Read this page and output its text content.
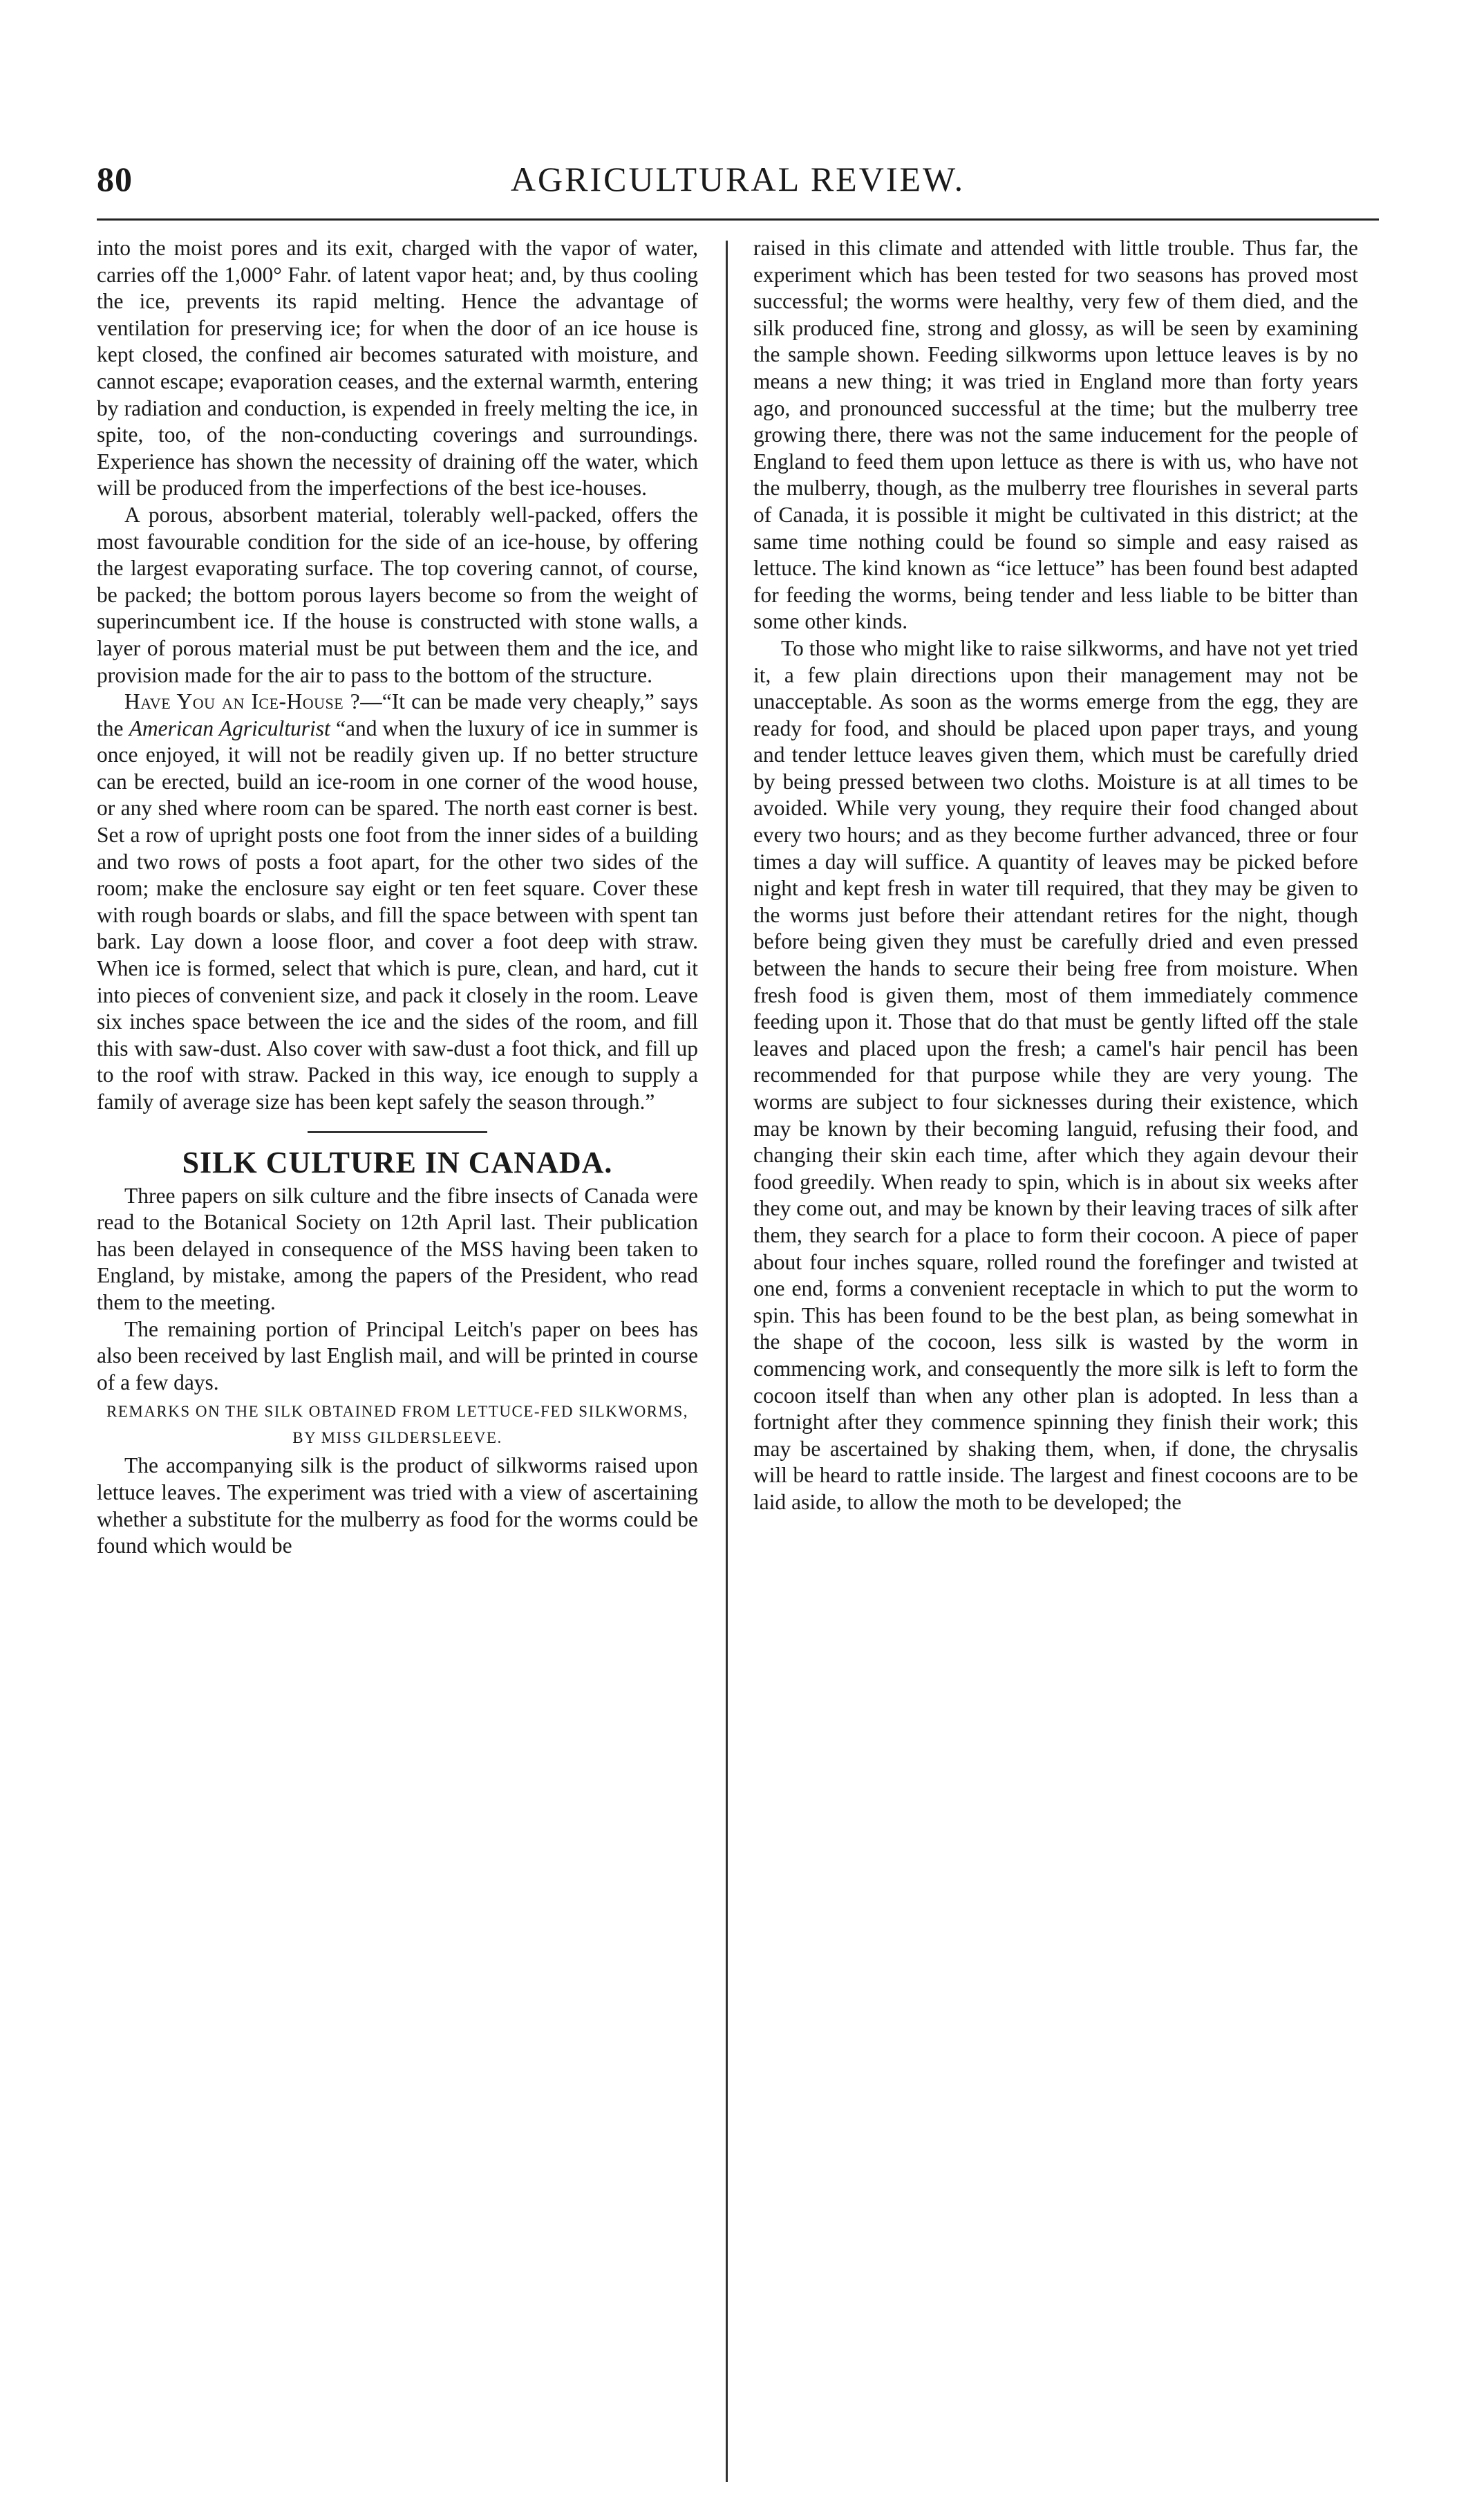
80	AGRICULTURAL REVIEW.

into the moist pores and its exit, charged with the vapor of water, carries off the 1,000° Fahr. of latent vapor heat; and, by thus cooling the ice, prevents its rapid melting. Hence the advantage of ventilation for preserving ice; for when the door of an ice house is kept closed, the confined air becomes saturated with moisture, and cannot escape; evaporation ceases, and the external warmth, entering by radiation and conduction, is expended in freely melting the ice, in spite, too, of the non-conducting coverings and surroundings. Experience has shown the necessity of draining off the water, which will be produced from the imperfections of the best ice-houses.

A porous, absorbent material, tolerably well-packed, offers the most favourable condition for the side of an ice-house, by offering the largest evaporating surface. The top covering cannot, of course, be packed; the bottom porous layers become so from the weight of superincumbent ice. If the house is constructed with stone walls, a layer of porous material must be put between them and the ice, and provision made for the air to pass to the bottom of the structure.

Have You an Ice-House ?—“It can be made very cheaply,” says the American Agriculturist “and when the luxury of ice in summer is once enjoyed, it will not be readily given up. If no better structure can be erected, build an ice-room in one corner of the wood house, or any shed where room can be spared. The north east corner is best. Set a row of upright posts one foot from the inner sides of a building and two rows of posts a foot apart, for the other two sides of the room; make the enclosure say eight or ten feet square. Cover these with rough boards or slabs, and fill the space between with spent tan bark. Lay down a loose floor, and cover a foot deep with straw. When ice is formed, select that which is pure, clean, and hard, cut it into pieces of convenient size, and pack it closely in the room. Leave six inches space between the ice and the sides of the room, and fill this with saw-dust. Also cover with saw-dust a foot thick, and fill up to the roof with straw. Packed in this way, ice enough to supply a family of average size has been kept safely the season through.”

SILK CULTURE IN CANADA.

Three papers on silk culture and the fibre insects of Canada were read to the Botanical Society on 12th April last. Their publication has been delayed in consequence of the MSS having been taken to England, by mistake, among the papers of the President, who read them to the meeting.

The remaining portion of Principal Leitch's paper on bees has also been received by last English mail, and will be printed in course of a few days.

REMARKS ON THE SILK OBTAINED FROM LETTUCE-FED SILKWORMS, BY MISS GILDERSLEEVE.

The accompanying silk is the product of silkworms raised upon lettuce leaves. The experiment was tried with a view of ascertaining whether a substitute for the mulberry as food for the worms could be found which would be

raised in this climate and attended with little trouble. Thus far, the experiment which has been tested for two seasons has proved most successful; the worms were healthy, very few of them died, and the silk produced fine, strong and glossy, as will be seen by examining the sample shown. Feeding silkworms upon lettuce leaves is by no means a new thing; it was tried in England more than forty years ago, and pronounced successful at the time; but the mulberry tree growing there, there was not the same inducement for the people of England to feed them upon lettuce as there is with us, who have not the mulberry, though, as the mulberry tree flourishes in several parts of Canada, it is possible it might be cultivated in this district; at the same time nothing could be found so simple and easy raised as lettuce. The kind known as “ice lettuce” has been found best adapted for feeding the worms, being tender and less liable to be bitter than some other kinds.

To those who might like to raise silkworms, and have not yet tried it, a few plain directions upon their management may not be unacceptable. As soon as the worms emerge from the egg, they are ready for food, and should be placed upon paper trays, and young and tender lettuce leaves given them, which must be carefully dried by being pressed between two cloths. Moisture is at all times to be avoided. While very young, they require their food changed about every two hours; and as they become further advanced, three or four times a day will suffice. A quantity of leaves may be picked before night and kept fresh in water till required, that they may be given to the worms just before their attendant retires for the night, though before being given they must be carefully dried and even pressed between the hands to secure their being free from moisture. When fresh food is given them, most of them immediately commence feeding upon it. Those that do that must be gently lifted off the stale leaves and placed upon the fresh; a camel's hair pencil has been recommended for that purpose while they are very young. The worms are subject to four sicknesses during their existence, which may be known by their becoming languid, refusing their food, and changing their skin each time, after which they again devour their food greedily. When ready to spin, which is in about six weeks after they come out, and may be known by their leaving traces of silk after them, they search for a place to form their cocoon. A piece of paper about four inches square, rolled round the forefinger and twisted at one end, forms a convenient receptacle in which to put the worm to spin. This has been found to be the best plan, as being somewhat in the shape of the cocoon, less silk is wasted by the worm in commencing work, and consequently the more silk is left to form the cocoon itself than when any other plan is adopted. In less than a fortnight after they commence spinning they finish their work; this may be ascertained by shaking them, when, if done, the chrysalis will be heard to rattle inside. The largest and finest cocoons are to be laid aside, to allow the moth to be developed; the
